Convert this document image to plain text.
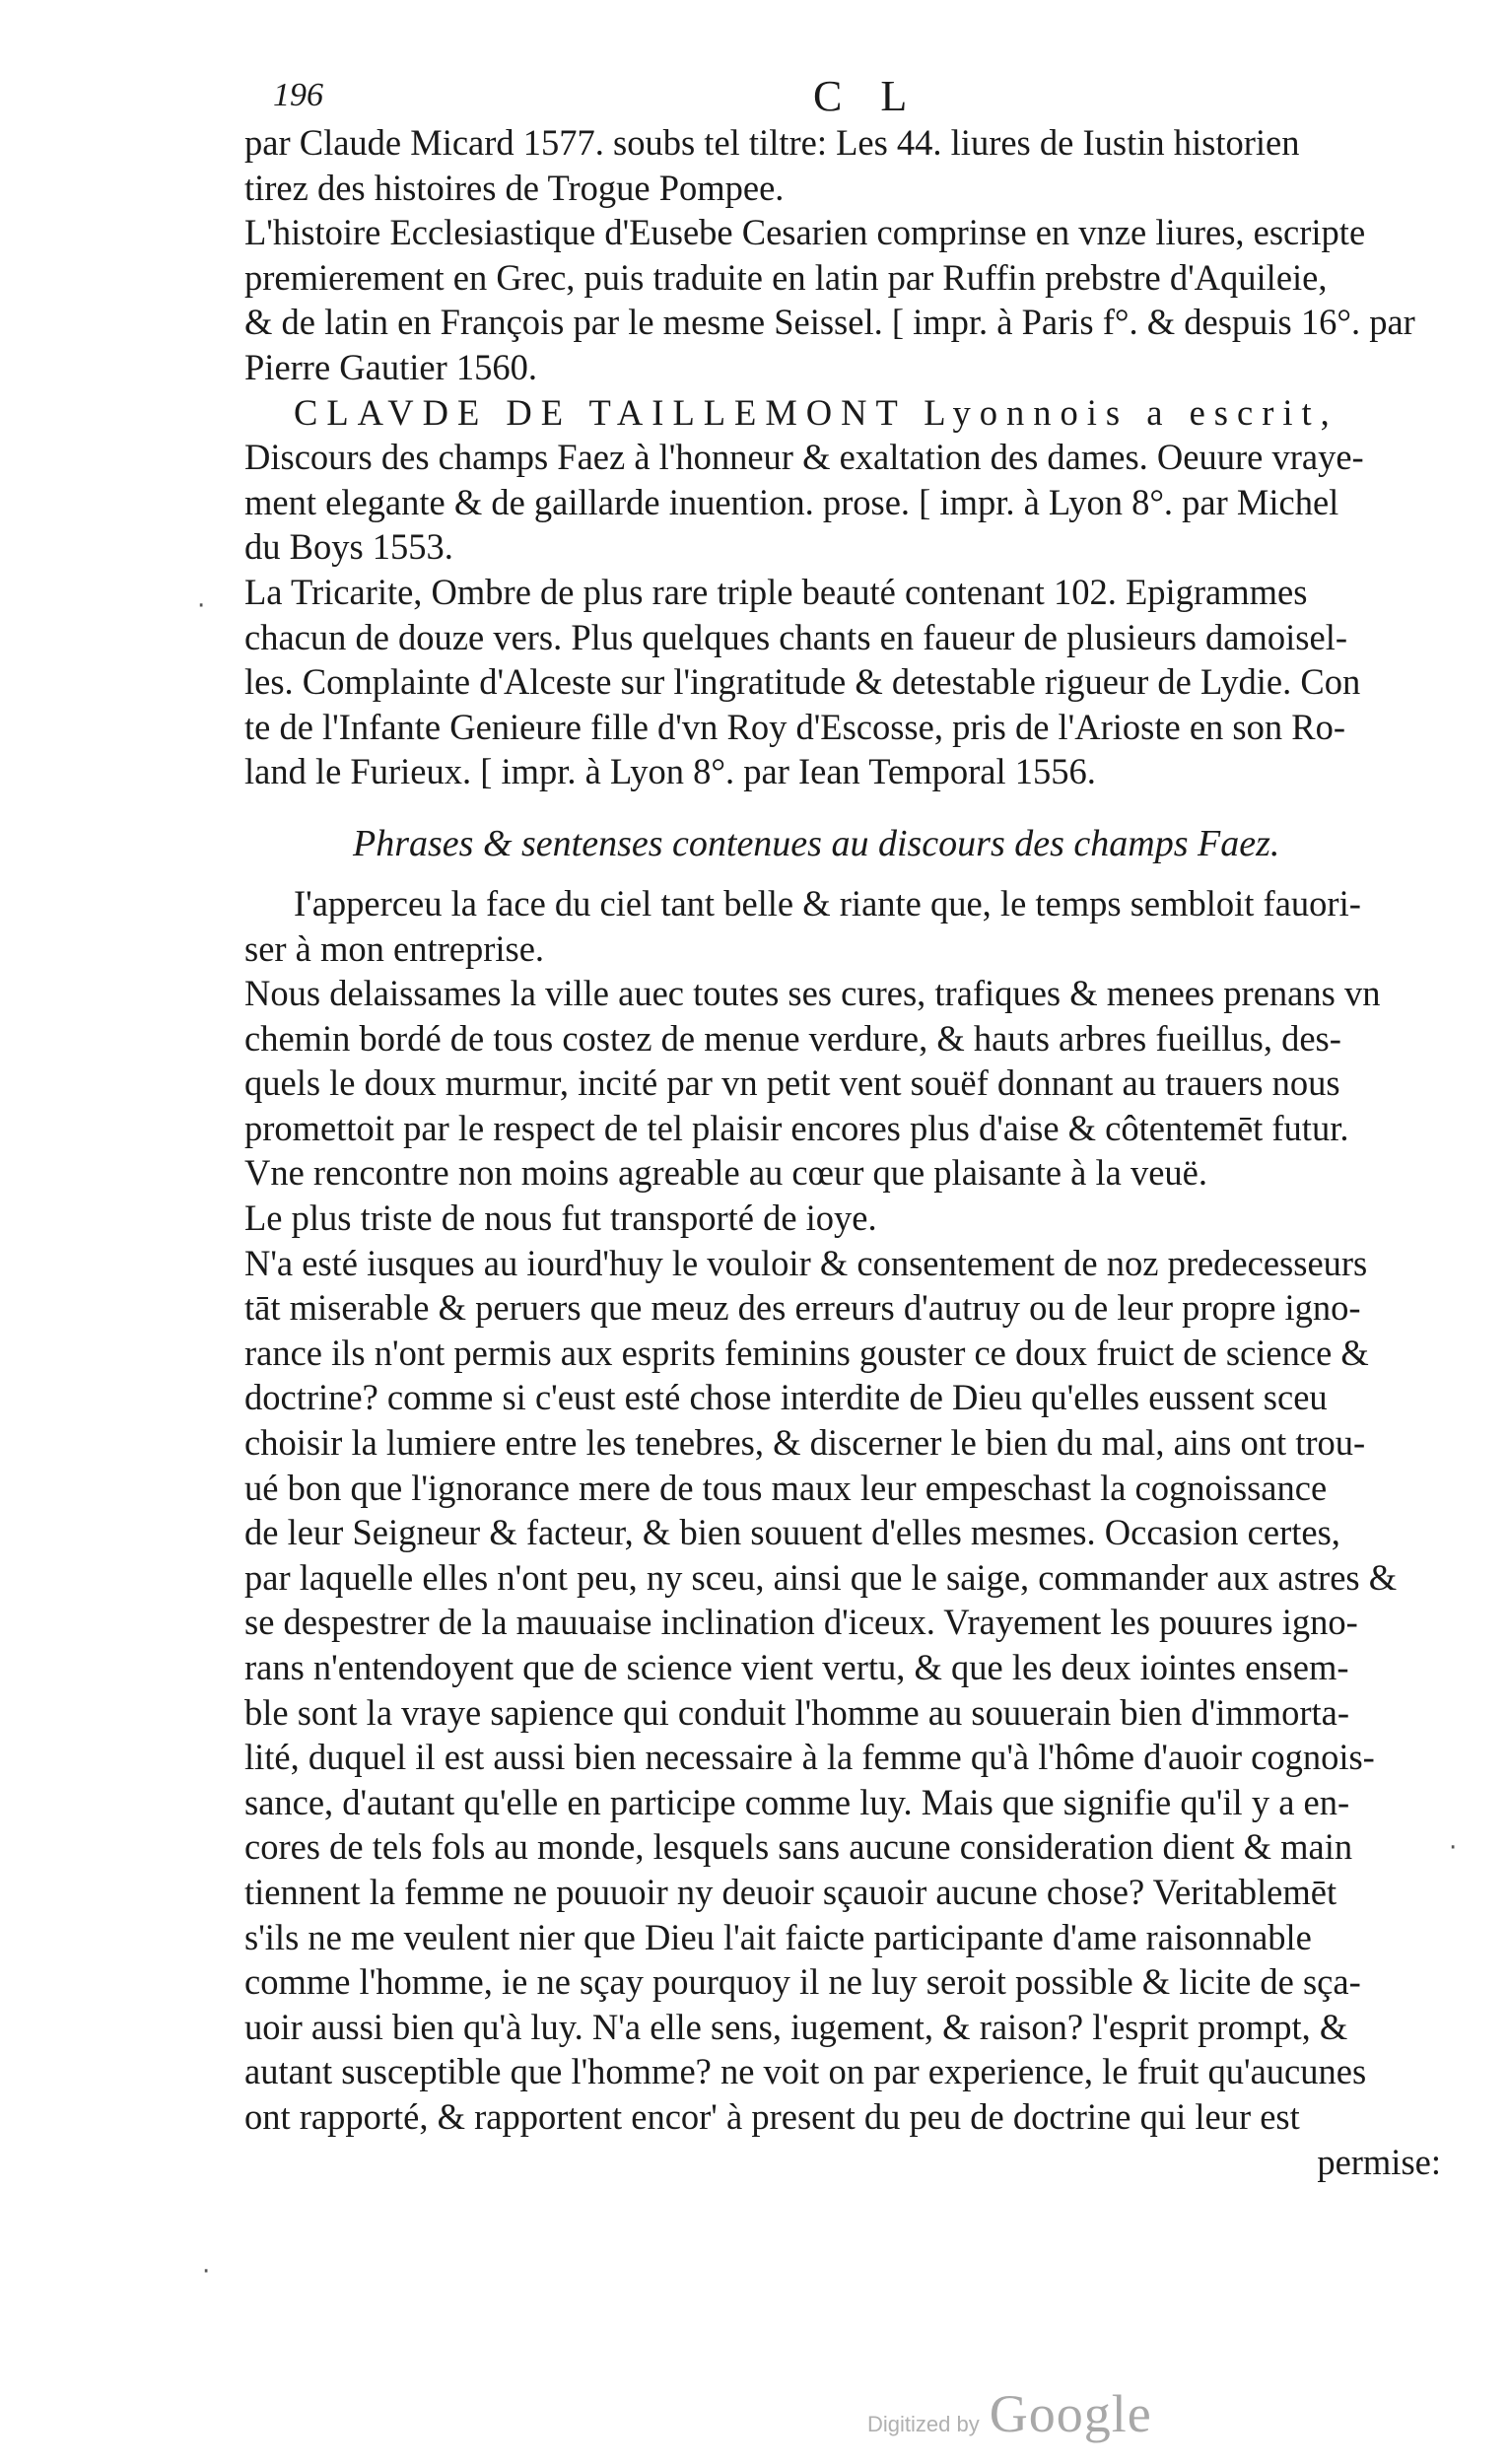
196	C L
par Claude Micard 1577. soubs tel tiltre: Les 44. liures de Iustin historien
tirez des histoires de Trogue Pompee.
L'histoire Ecclesiastique d'Eusebe Cesarien comprinse en vnze liures, escripte
premierement en Grec, puis traduite en latin par Ruffin prebstre d'Aquileie,
& de latin en François par le mesme Seissel. [ impr. à Paris f°. & despuis 16°. par
Pierre Gautier 1560.
CLAVDE DE TAILLEMONT Lyonnois a escrit,
Discours des champs Faez à l'honneur & exaltation des dames. Oeuure vraye-
ment elegante & de gaillarde inuention. prose. [ impr. à Lyon 8°. par Michel
du Boys 1553.
La Tricarite, Ombre de plus rare triple beauté contenant 102. Epigrammes
chacun de douze vers. Plus quelques chants en faueur de plusieurs damoisel-
les. Complainte d'Alceste sur l'ingratitude & detestable rigueur de Lydie. Con
te de l'Infante Genieure fille d'vn Roy d'Escosse, pris de l'Arioste en son Ro-
land le Furieux. [ impr. à Lyon 8°. par Iean Temporal 1556.
Phrases & sentenses contenues au discours des champs Faez.
I'apperceu la face du ciel tant belle & riante que, le temps sembloit fauori-
ser à mon entreprise.
Nous delaissames la ville auec toutes ses cures, trafiques & menees prenans vn
chemin bordé de tous costez de menue verdure, & hauts arbres fueillus, des-
quels le doux murmur, incité par vn petit vent souëf donnant au trauers nous
promettoit par le respect de tel plaisir encores plus d'aise & côtentemēt futur.
Vne rencontre non moins agreable au cœur que plaisante à la veuë.
Le plus triste de nous fut transporté de ioye.
N'a esté iusques au iourd'huy le vouloir & consentement de noz predecesseurs
tāt miserable & peruers que meuz des erreurs d'autruy ou de leur propre igno-
rance ils n'ont permis aux esprits feminins gouster ce doux fruict de science &
doctrine? comme si c'eust esté chose interdite de Dieu qu'elles eussent sceu
choisir la lumiere entre les tenebres, & discerner le bien du mal, ains ont trou-
ué bon que l'ignorance mere de tous maux leur empeschast la cognoissance
de leur Seigneur & facteur, & bien souuent d'elles mesmes. Occasion certes,
par laquelle elles n'ont peu, ny sceu, ainsi que le saige, commander aux astres &
se despestrer de la mauuaise inclination d'iceux. Vrayement les pouures igno-
rans n'entendoyent que de science vient vertu, & que les deux iointes ensem-
ble sont la vraye sapience qui conduit l'homme au souuerain bien d'immorta-
lité, duquel il est aussi bien necessaire à la femme qu'à l'hôme d'auoir cognois-
sance, d'autant qu'elle en participe comme luy. Mais que signifie qu'il y a en-
cores de tels fols au monde, lesquels sans aucune consideration dient & main
tiennent la femme ne pouuoir ny deuoir sçauoir aucune chose? Veritablemēt
s'ils ne me veulent nier que Dieu l'ait faicte participante d'ame raisonnable
comme l'homme, ie ne sçay pourquoy il ne luy seroit possible & licite de sça-
uoir aussi bien qu'à luy. N'a elle sens, iugement, & raison? l'esprit prompt, &
autant susceptible que l'homme? ne voit on par experience, le fruit qu'aucunes
ont rapporté, & rapportent encor' à present du peu de doctrine qui leur est
permise:
·
·
·
Digitized by Google
